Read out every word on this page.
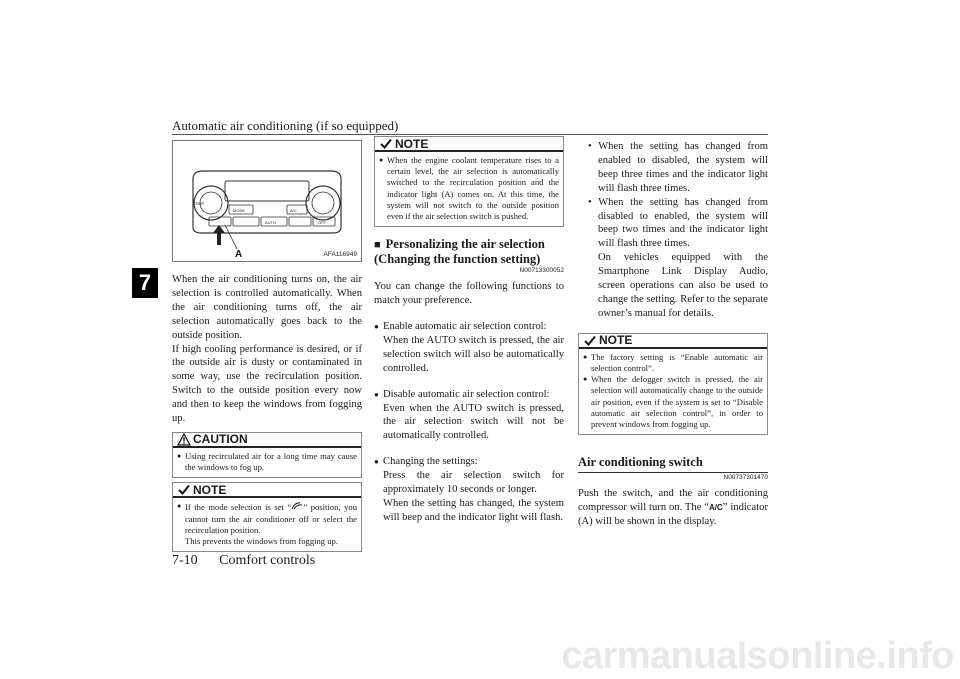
Automatic air conditioning (if so equipped)
7
TEMP
MODE	A/C
AUTO	OFF
A	AFA116949

When the air conditioning turns on, the air selection is controlled automatically. When the air conditioning turns off, the air selection automatically goes back to the outside position.

If high cooling performance is desired, or if the outside air is dusty or contaminated in some way, use the recirculation position. Switch to the outside position every now and then to keep the windows from fogging up.

CAUTION
● Using recirculated air for a long time may cause the windows to fog up.
NOTE
● If the mode selection is set “ ” position, you cannot turn the air conditioner off or select the recirculation position.
This prevents the windows from fogging up.
NOTE
● When the engine coolant temperature rises to a certain level, the air selection is automatically switched to the recirculation position and the indicator light (A) comes on. At this time, the system will not switch to the outside position even if the air selection switch is pushed.
■ Personalizing the air selection (Changing the function setting)
N00713300052

You can change the following functions to match your preference.

● Enable automatic air selection control:
When the AUTO switch is pressed, the air selection switch will also be automatically controlled.
● Disable automatic air selection control:
Even when the AUTO switch is pressed, the air selection switch will not be automatically controlled.
● Changing the settings:
Press the air selection switch for approximately 10 seconds or longer.
When the setting has changed, the system will beep and the indicator light will flash.
• When the setting has changed from enabled to disabled, the system will beep three times and the indicator light will flash three times.
• When the setting has changed from disabled to enabled, the system will beep two times and the indicator light will flash three times.
On vehicles equipped with the Smartphone Link Display Audio, screen operations can also be used to change the setting. Refer to the separate owner’s manual for details.
NOTE
● The factory setting is “Enable automatic air selection control”.
● When the defogger switch is pressed, the air selection will automatically change to the outside air position, even if the system is set to “Disable automatic air selection control”, in order to prevent windows from fogging up.
Air conditioning switch
N00737301470

Push the switch, and the air conditioning compressor will turn on. The “A/C” indicator (A) will be shown in the display.

7-10 Comfort controls
carmanualsonline.info
